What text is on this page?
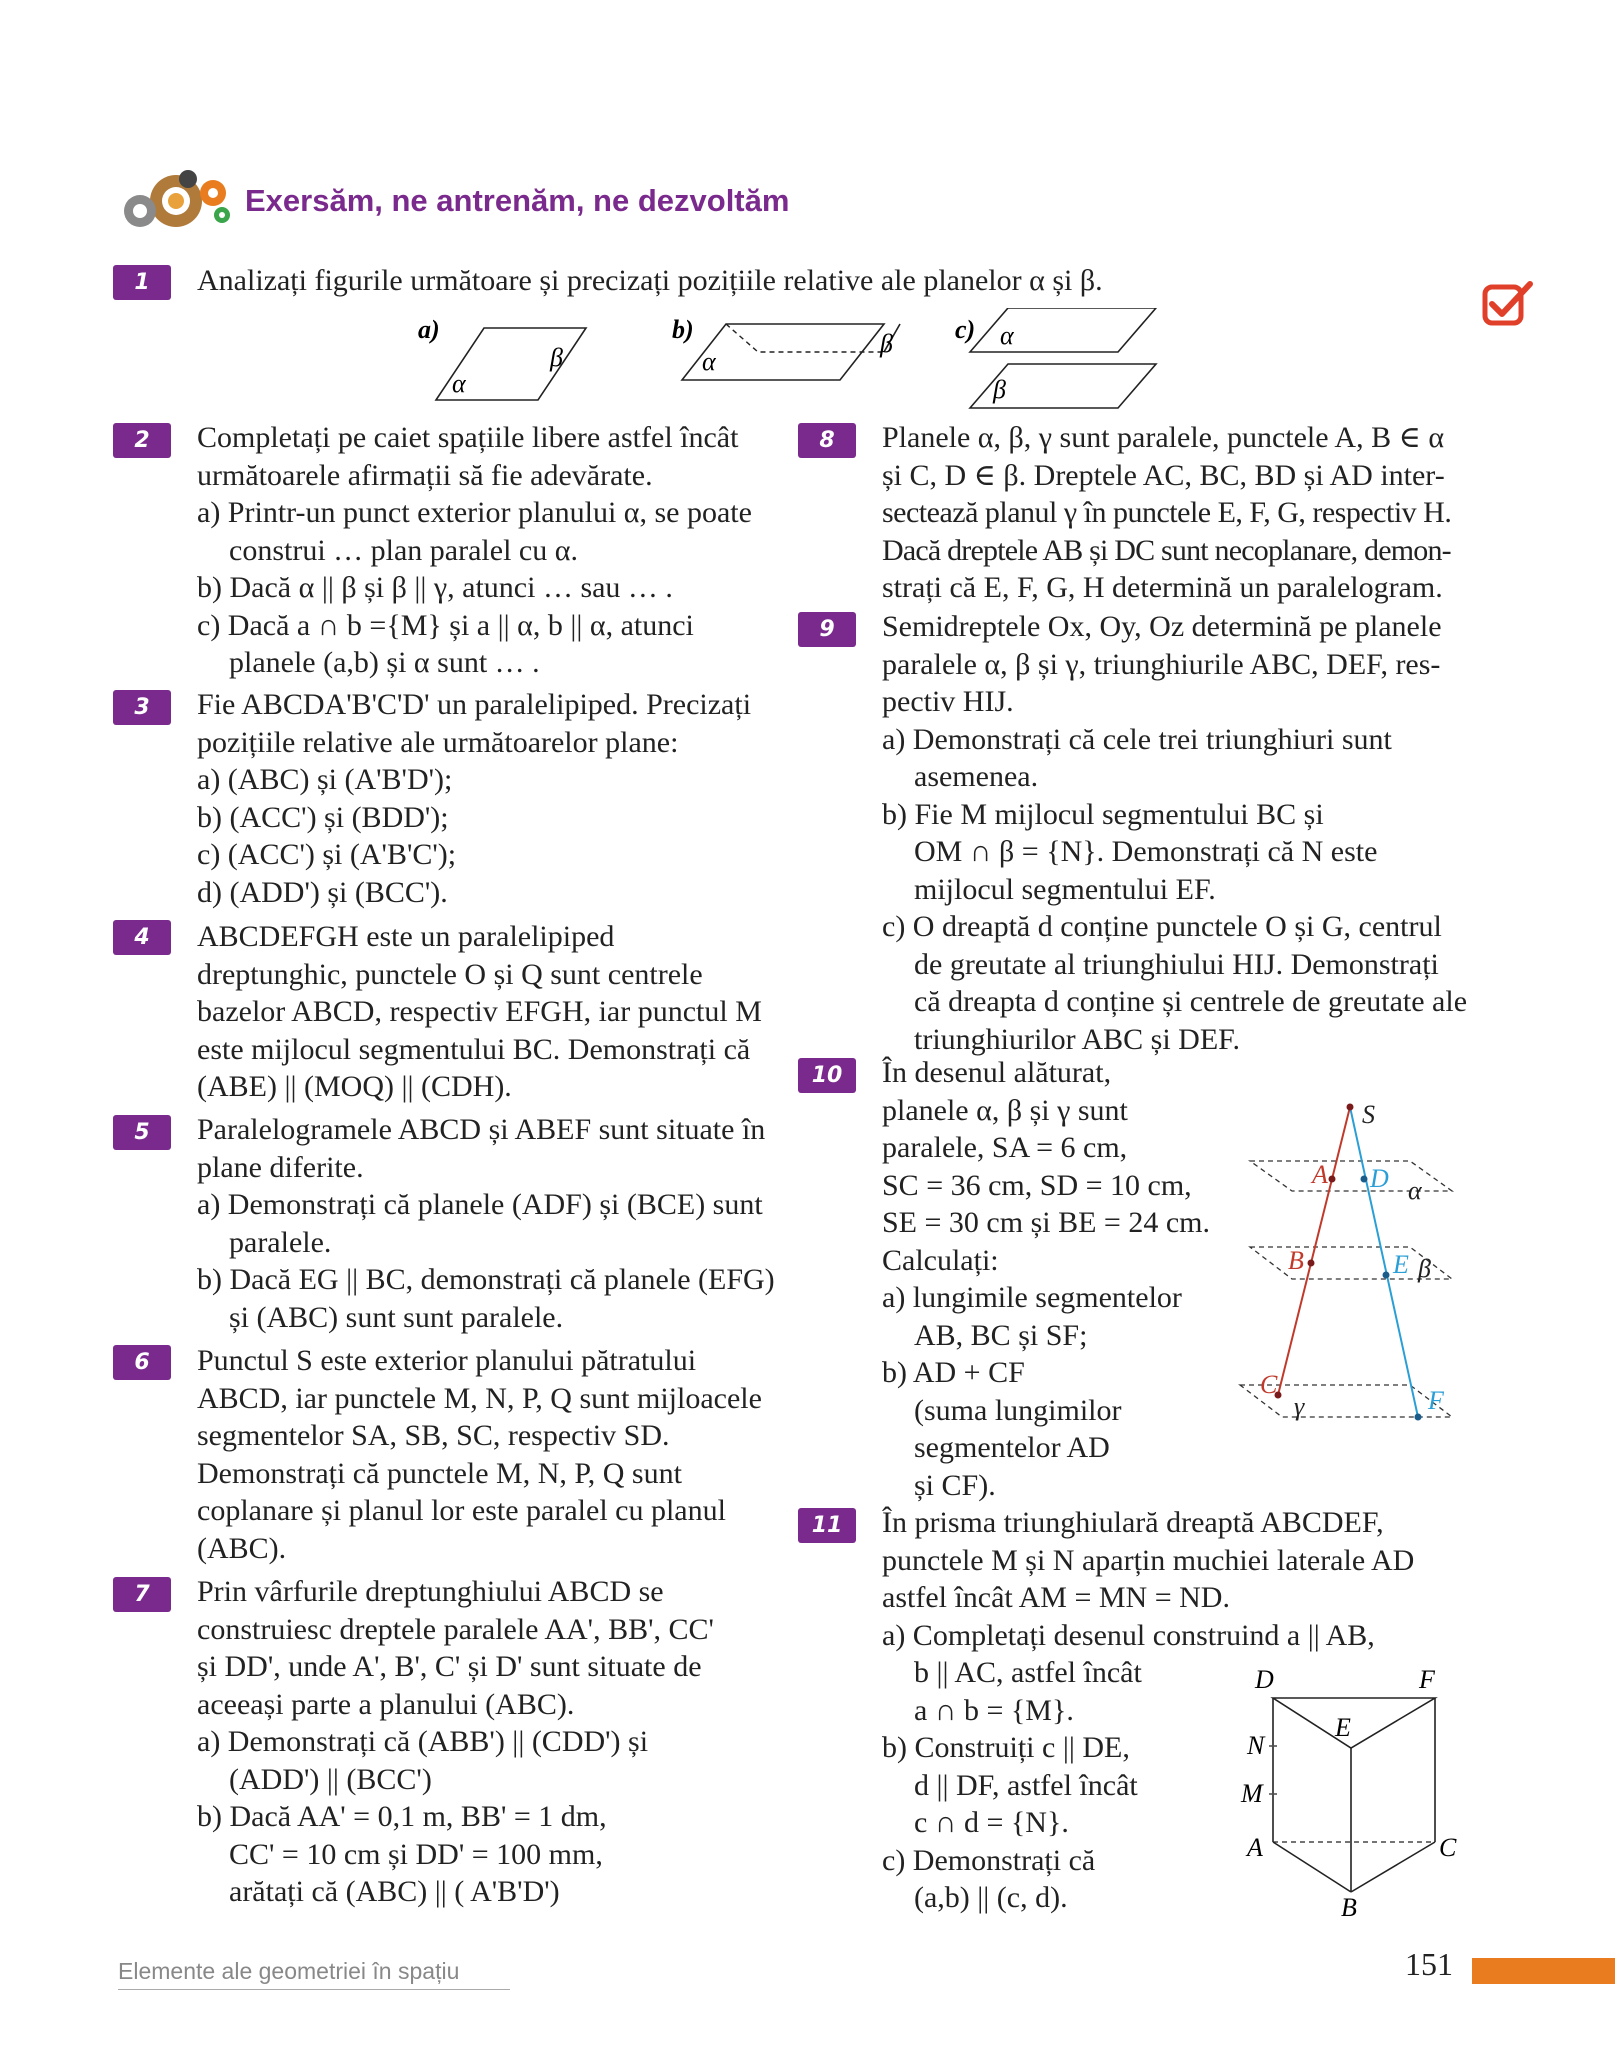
Exersăm, ne antrenăm, ne dezvoltăm
1	Analizați figurile următoare și precizați pozițiile relative ale planelor α și β.
a)
α
β
b)
α
β c) α
β
2	Completați pe caiet spațiile libere astfel încât
următoarele afirmații să fie adevărate.
a) Printr-un punct exterior planului α, se poate
construi … plan paralel cu α.
b) Dacă α || β și β || γ, atunci … sau … .
c) Dacă a ∩ b ={M} și a || α, b || α, atunci
planele (a,b) și α sunt … .
3	Fie ABCDA'B'C'D' un paralelipiped. Precizați
pozițiile relative ale următoarelor plane:
a) (ABC) și (A'B'D');
b) (ACC') și (BDD');
c) (ACC') și (A'B'C');
d) (ADD') și (BCC').
4	ABCDEFGH este un paralelipiped
dreptunghic, punctele O și Q sunt centrele
bazelor ABCD, respectiv EFGH, iar punctul M
este mijlocul segmentului BC. Demonstrați că
(ABE) || (MOQ) || (CDH).
5	Paralelogramele ABCD și ABEF sunt situate în
plane diferite.
a) Demonstrați că planele (ADF) și (BCE) sunt
paralele.
b) Dacă EG || BC, demonstrați că planele (EFG)
și (ABC) sunt sunt paralele.
6	Punctul S este exterior planului pătratului
ABCD, iar punctele M, N, P, Q sunt mijloacele
segmentelor SA, SB, SC, respectiv SD.
Demonstrați că punctele M, N, P, Q sunt
coplanare și planul lor este paralel cu planul
(ABC).
7	Prin vârfurile dreptunghiului ABCD se
construiesc dreptele paralele AA', BB', CC'
și DD', unde A', B', C' și D' sunt situate de
aceeași parte a planului (ABC).
a) Demonstrați că (ABB') || (CDD') și
(ADD') || (BCC')
b) Dacă AA' = 0,1 m, BB' = 1 dm,
CC' = 10 cm și DD' = 100 mm,
arătați că (ABC) || ( A'B'D')
8	Planele α, β, γ sunt paralele, punctele A, B ∈ α
și C, D ∈ β. Dreptele AC, BC, BD și AD inter-
sectează planul γ în punctele E, F, G, respectiv H.
Dacă dreptele AB și DC sunt necoplanare, demon-
strați că E, F, G, H determină un paralelogram.
9	Semidreptele Ox, Oy, Oz determină pe planele
paralele α, β și γ, triunghiurile ABC, DEF, res-
pectiv HIJ.
a) Demonstrați că cele trei triunghiuri sunt
asemenea.
b) Fie M mijlocul segmentului BC și
OM ∩ β = {N}. Demonstrați că N este
mijlocul segmentului EF.
c) O dreaptă d conține punctele O și G, centrul
de greutate al triunghiului HIJ. Demonstrați
că dreapta d conține și centrele de greutate ale
triunghiurilor ABC și DEF.
10	În desenul alăturat,
planele α, β și γ sunt
paralele, SA = 6 cm,
SC = 36 cm, SD = 10 cm,
SE = 30 cm și BE = 24 cm.
Calculați:
a) lungimile segmentelor
AB, BC și SF;
b) AD + CF
(suma lungimilor
segmentelor AD
și CF).
S
A D α
B	E β
C
F
γ
11	În prisma triunghiulară dreaptă ABCDEF,
punctele M și N aparțin muchiei laterale AD
astfel încât AM = MN = ND.
a) Completați desenul construind a || AB,
b || AC, astfel încât
a ∩ b = {M}.
b) Construiți c || DE,
d || DF, astfel încât
c ∩ d = {N}.
c) Demonstrați că
(a,b) || (c, d).
D	F
E
N
M
A	C
B
Elemente ale geometriei în spațiu	151
